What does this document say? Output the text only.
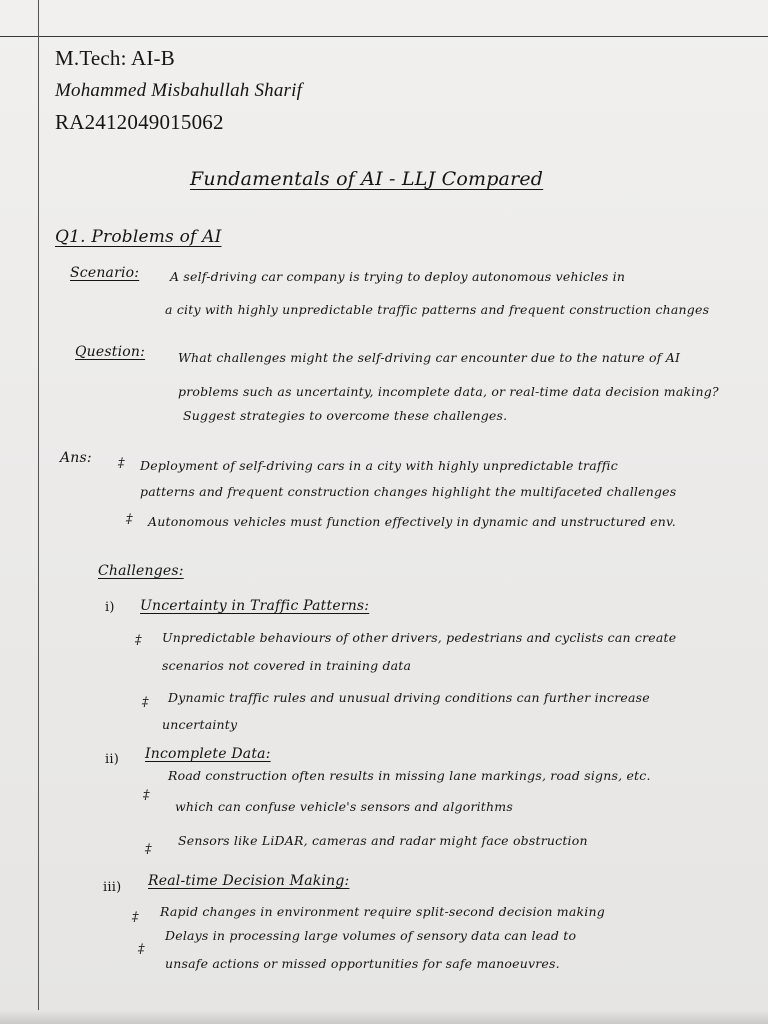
M.Tech: AI-B
Mohammed Misbahullah Sharif
RA2412049015062
Fundamentals of AI - LLJ Compared
Q1. Problems of AI
Scenario: A self-driving car company is trying to deploy autonomous vehicles in
a city with highly unpredictable traffic patterns and frequent construction changes
Question:	What challenges might the self-driving car encounter due to the nature of AI
problems such as uncertainty, incomplete data, or real-time data decision making?
Suggest strategies to overcome these challenges.
Ans: ‡ Deployment of self-driving cars in a city with highly unpredictable traffic
patterns and frequent construction changes highlight the multifaceted challenges
‡ Autonomous vehicles must function effectively in dynamic and unstructured env.
Challenges:
i) Uncertainty in Traffic Patterns:
‡ Unpredictable behaviours of other drivers, pedestrians and cyclists can create
scenarios not covered in training data
‡ Dynamic traffic rules and unusual driving conditions can further increase
uncertainty
ii) Incomplete Data:
‡
Road construction often results in missing lane markings, road signs, etc.
which can confuse vehicle's sensors and algorithms
‡
Sensors like LiDAR, cameras and radar might face obstruction
iii) Real-time Decision Making:
‡ Rapid changes in environment require split-second decision making
‡
Delays in processing large volumes of sensory data can lead to
unsafe actions or missed opportunities for safe manoeuvres.
